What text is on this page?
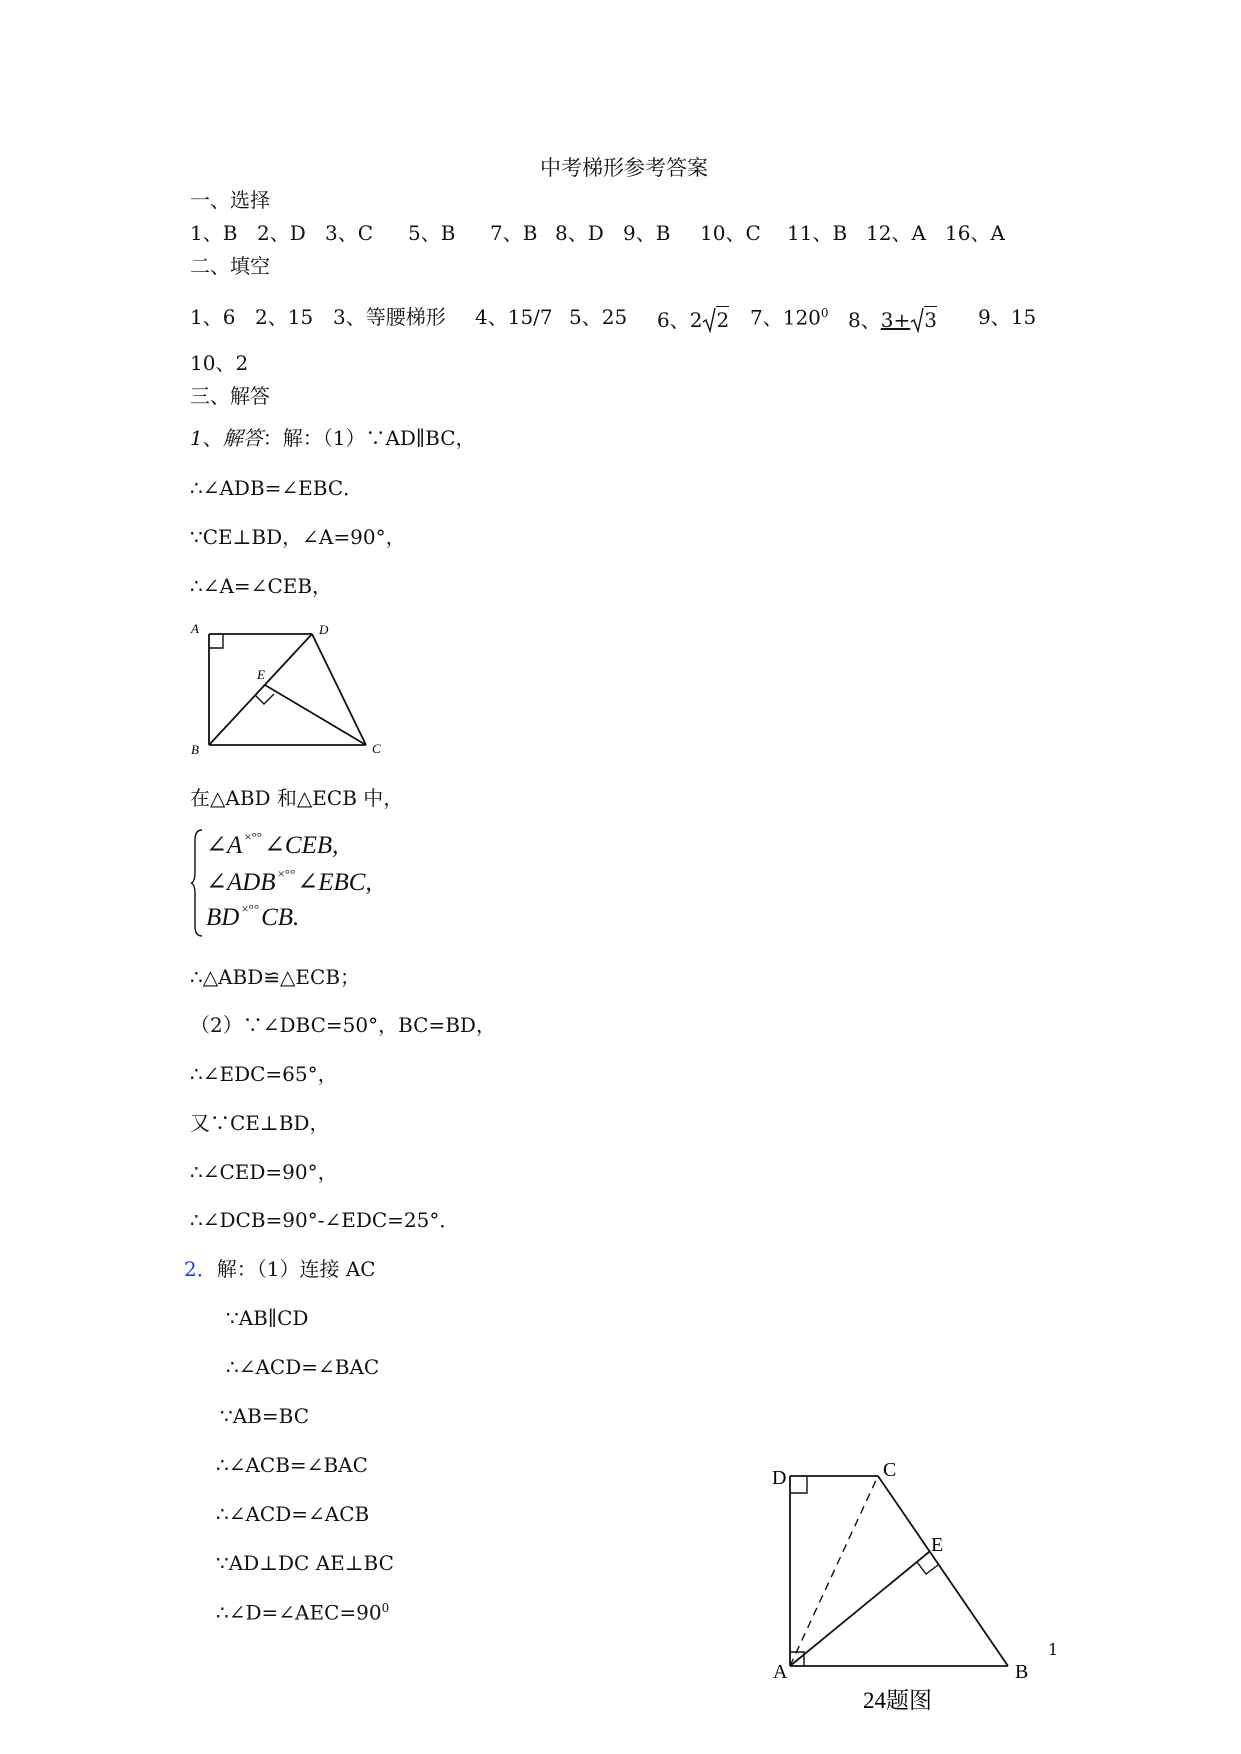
中考梯形参考答案
一、选择
1、B 2、D 3、C 5、B 7、B 8、D 9、B 10、C 11、B 12、A 16、A
二、填空
1、6 2、15 3、等腰梯形 4、15/7 5、25 6、2 2 7、$120^0$ 8、3+ 3 9、15
10、2
三、解答
1、解答：解：（1）∵AD∥BC，
∴∠ADB=∠EBC．
∵CE⊥BD，∠A=90°，
∴∠A=∠CEB，
A	D
E
B	C
在△ABD 和△ECB 中，
∠A ×°°∠CEB,
∠ADB ×°°∠EBC,
BD ×°°CB.
∴△ABD≌△ECB；
（2）∵∠DBC=50°，BC=BD，
∴∠EDC=65°，
又∵CE⊥BD，
∴∠CED=90°，
∴∠DCB=90°-∠EDC=25°．
2．解：（1）连接 AC
∵AB∥CD
∴∠ACD=∠BAC
∵AB=BC
∴∠ACB=∠BAC
∴∠ACD=∠ACB
∵AD⊥DC AE⊥BC
$\therefore\angle D=\angle AEC=90^0$
D	C
E
A	B
24题图
1
